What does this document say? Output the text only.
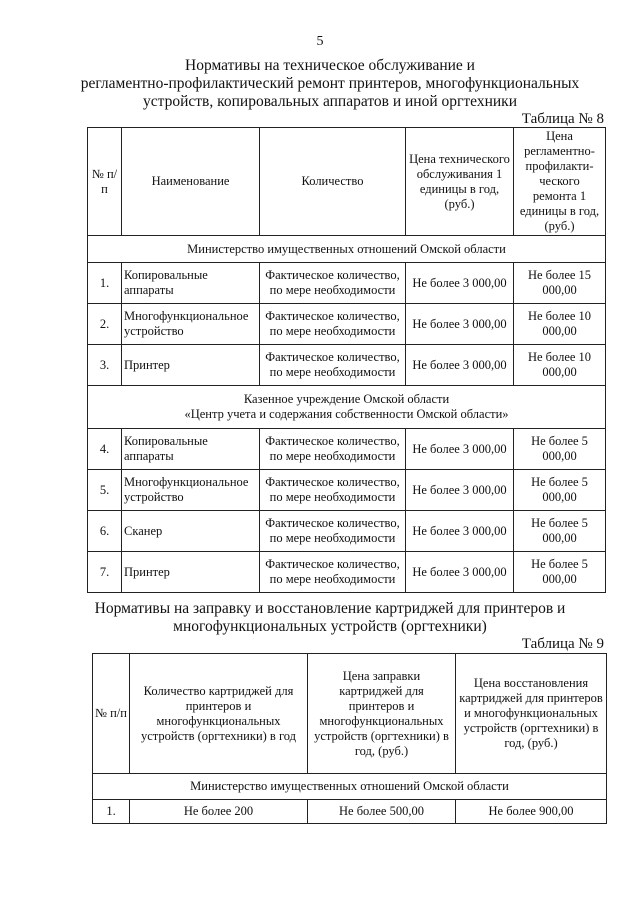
5
Нормативы на техническое обслуживание и
регламентно-профилактический ремонт принтеров, многофункциональных
устройств, копировальных аппаратов и иной оргтехники
Таблица № 8
№ п/п	Наименование	Количество	Цена технического обслуживания 1 единицы в год, (руб.)	Цена регламентно-профилакти-ческого ремонта 1 единицы в год, (руб.)
Министерство имущественных отношений Омской области				
1.	Копировальные аппараты	Фактическое количество, по мере необходимости	Не более 3 000,00	Не более 15 000,00
2.	Многофункциональное устройство	Фактическое количество, по мере необходимости	Не более 3 000,00	Не более 10 000,00
3.	Принтер	Фактическое количество, по мере необходимости	Не более 3 000,00	Не более 10 000,00

Казенное учреждение Омской области
«Центр учета и содержания собственности Омской области»				

4.	Копировальные аппараты	Фактическое количество, по мере необходимости	Не более 3 000,00	Не более 5 000,00
5.	Многофункциональное устройство	Фактическое количество, по мере необходимости	Не более 3 000,00	Не более 5 000,00
6.	Сканер	Фактическое количество, по мере необходимости	Не более 3 000,00	Не более 5 000,00
7.	Принтер	Фактическое количество, по мере необходимости	Не более 3 000,00	Не более 5 000,00
Нормативы на заправку и восстановление картриджей для принтеров и
многофункциональных устройств (оргтехники)
Таблица № 9
№ п/п	Количество картриджей для принтеров и многофункциональных устройств (оргтехники) в год	Цена заправки картриджей для принтеров и многофункциональных устройств (оргтехники) в год, (руб.)	Цена восстановления картриджей для принтеров и многофункциональных устройств (оргтехники) в год, (руб.)
Министерство имущественных отношений Омской области			
1.	Не более 200	Не более 500,00	Не более 900,00
